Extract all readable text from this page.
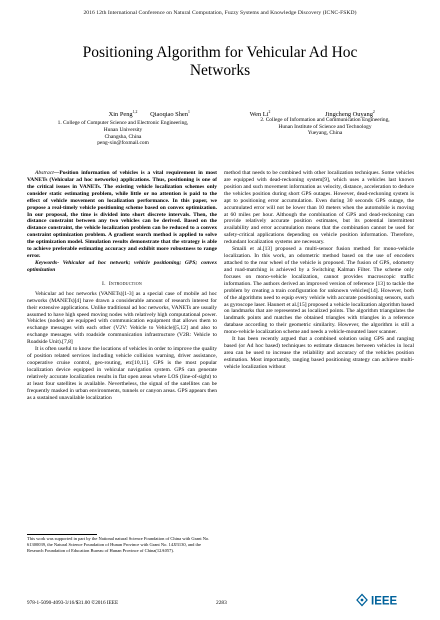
2016 12th International Conference on Natural Computation, Fuzzy Systems and Knowledge Discovery (ICNC-FSKD)
Positioning Algorithm for Vehicular Ad Hoc
Networks
Xin Peng$^{1,2}$
1. College of Computer Science and Electronic Engineering,
Hunan University
Changsha, China
peng-xin@foxmail.com
Qiaoqiao Shen$^1$	Wen Li$^2$	Jingcheng Ouyang$^2$
2. College of Information and Communication Engineering,
Hunan Institute of Science and Technology
Yueyang, China

Abstract—Position information of vehicles is a vital requirement in most VANETs (Vehicular ad hoc networks) applications. Thus, positioning is one of the critical issues in VANETs. The existing vehicle localization schemes only consider static estimating problem, while little or no attention is paid to the effect of vehicle movement on localization performance. In this paper, we propose a real-timely vehicle positioning scheme based on convex optimization. In our proposal, the time is divided into short discrete intervals. Then, the distance constraint between any two vehicles can be derived. Based on the distance constraint, the vehicle localization problem can be reduced to a convex constraint optimization problem. A gradient search method is applied to solve the optimization model. Simulation results demonstrate that the strategy is able to achieve preferable estimating accuracy and exhibit more robustness to range error.

Keywords- Vehicular ad hoc network; vehicle positioning; GPS; convex optimization

I. Introduction

Vehicular ad hoc networks (VANETs)[1-3] as a special case of mobile ad hoc networks (MANETs)[4] have drawn a considerable amount of research interest for their extensive applications. Unlike traditional ad hoc networks, VANETs are usually assumed to have high speed moving nodes with relatively high computational power. Vehicles (nodes) are equipped with communication equipment that allows them to exchange messages with each other (V2V: Vehicle to Vehicle)[5,12] and also to exchange messages with roadside communication infrastructure (V2R: Vehicle to Roadside Unit).[7,8]

It is often useful to know the locations of vehicles in order to improve the quality of position related services including vehicle collision warning, driver assistance, cooperative cruise control, geo-routing, etc[10,11]. GPS is the most popular localization device equipped in vehicular navigation system. GPS can generate relatively accurate localization results in flat open areas where LOS (line-of-sight) to at least four satellites is available. Nevertheless, the signal of the satellites can be frequently masked in urban environments, tunnels or canyon areas. GPS appears then as a sustained unavailable localization

method that needs to be combined with other localization techniques. Some vehicles are equipped with dead-reckoning system[9], which uses a vehicles last known position and such movement information as velocity, distance, acceleration to deduce the vehicles position during short GPS outages. However, dead-reckoning system is apt to positioning error accumulation. Even during 30 seconds GPS outage, the accumulated error will not be lower than 10 meters when the automobile is moving at 60 miles per hour. Although the combination of GPS and dead-reckoning can provide relatively accurate position estimates, but its potential intermittent availability and error accumulation means that the combination cannot be used for safety-critical applications depending on vehicle position information. Therefore, redundant localization systems are necessary.

Smaili et al.[13] proposed a multi-sensor fusion method for mono-vehicle localization. In this work, an odometric method based on the use of encoders attached to the rear wheel of the vehicle is proposed. The fusion of GPS, odometry and road-matching is achieved by a Switching Kalman Filter. The scheme only focuses on mono-vehicle localization, cannot provides macroscopic traffic information. The authors derived an improved version of reference [13] to tackle the problem by creating a train configuration for unknown vehicles[14]. However, both of the algorithms need to equip every vehicle with accurate positioning sensors, such as gyroscope laser. Haunert et al.[15] proposed a vehicle localization algorithm based on landmarks that are represented as localized points. The algorithm triangulates the landmark points and matches the obtained triangles with triangles in a reference database according to their geometric similarity. However, the algorithm is still a mono-vehicle localization scheme and needs a vehicle-mounted laser scanner.

It has been recently argued that a combined solution using GPS and ranging based (or Ad hoc based) techniques to estimate distances between vehicles in local area can be used to increase the reliability and accuracy of the vehicles position estimation. Most importantly, ranging based positioning strategy can achieve multi-vehicle localization without

This work was supported in part by the National natural Science Foundation of China with Grant No. 61300039, the Natural Science Foundation of Hunan Province with Grant No. 14JJ3130, and the Research Foundation of Education Bureau of Hunan Province of China(12A057).
978-1-5090-4093-3/16/$31.00 ©2016 IEEE	2283	IEEE
